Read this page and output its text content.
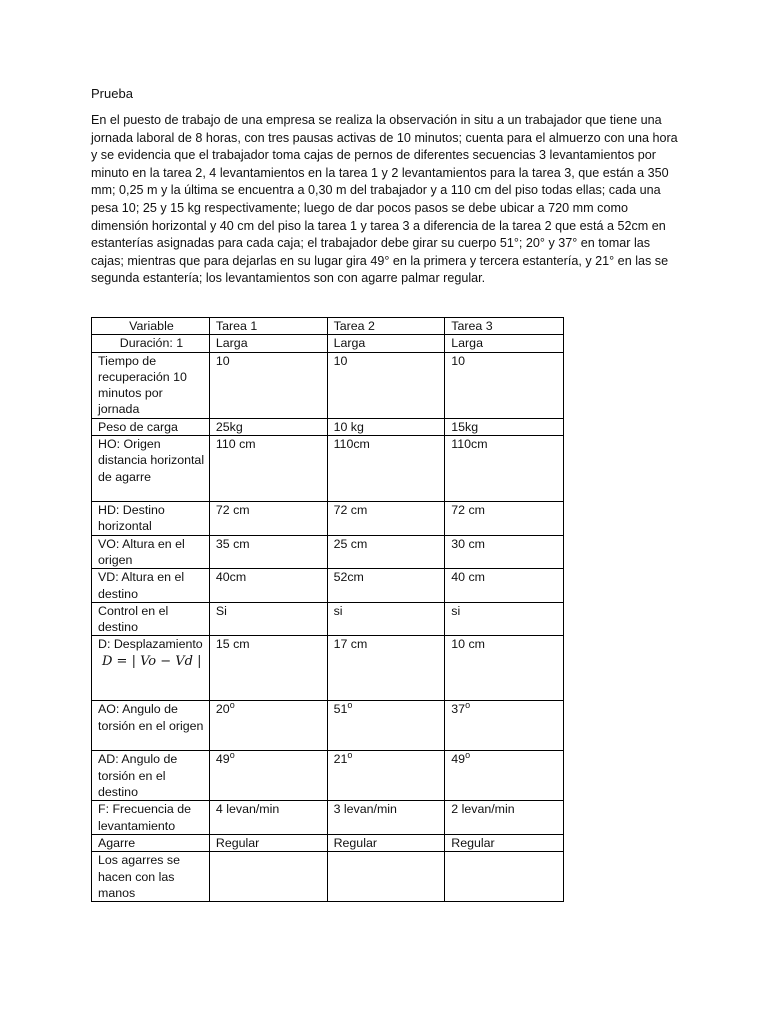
Prueba

En el puesto de trabajo de una empresa se realiza la observación in situ a un trabajador que tiene una jornada laboral de 8 horas, con tres pausas activas de 10 minutos; cuenta para el almuerzo con una hora y se evidencia que el trabajador toma cajas de pernos de diferentes secuencias 3 levantamientos por minuto en la tarea 2, 4 levantamientos en la tarea 1 y 2 levantamientos para la tarea 3, que están a 350 mm; 0,25 m y la última se encuentra a 0,30 m del trabajador y a 110 cm del piso todas ellas; cada una pesa 10; 25 y 15 kg respectivamente; luego de dar pocos pasos se debe ubicar a 720 mm como dimensión horizontal y 40 cm del piso la tarea 1 y tarea 3 a diferencia de la tarea 2 que está a 52cm en estanterías asignadas para cada caja; el trabajador debe girar su cuerpo 51°; 20° y 37° en tomar las cajas; mientras que para dejarlas en su lugar gira 49° en la primera y tercera estantería, y 21° en las se segunda estantería; los levantamientos son con agarre palmar regular.

Variable	Tarea 1	Tarea 2	Tarea 3
Duración: 1	Larga	Larga	Larga
Tiempo de recuperación 10 minutos por jornada	10	10	10
Peso de carga	25kg	10 kg	15kg
HO: Origen distancia horizontal de agarre	110 cm	110cm	110cm
HD: Destino horizontal	72 cm	72 cm	72 cm
VO: Altura en el origen	35 cm	25 cm	30 cm
VD: Altura en el destino	40cm	52cm	40 cm
Control en el destino	Si	si	si
D: Desplazamiento
D = | Vo − Vd |	15 cm	17 cm	10 cm
AO: Angulo de torsión en el origen	20$^o$	51$^o$	37$^o$
AD: Angulo de torsión en el destino	49$^o$	21$^o$	49$^o$
F: Frecuencia de levantamiento	4 levan/min	3 levan/min	2 levan/min
Agarre	Regular	Regular	Regular
Los agarres se hacen con las manos			
